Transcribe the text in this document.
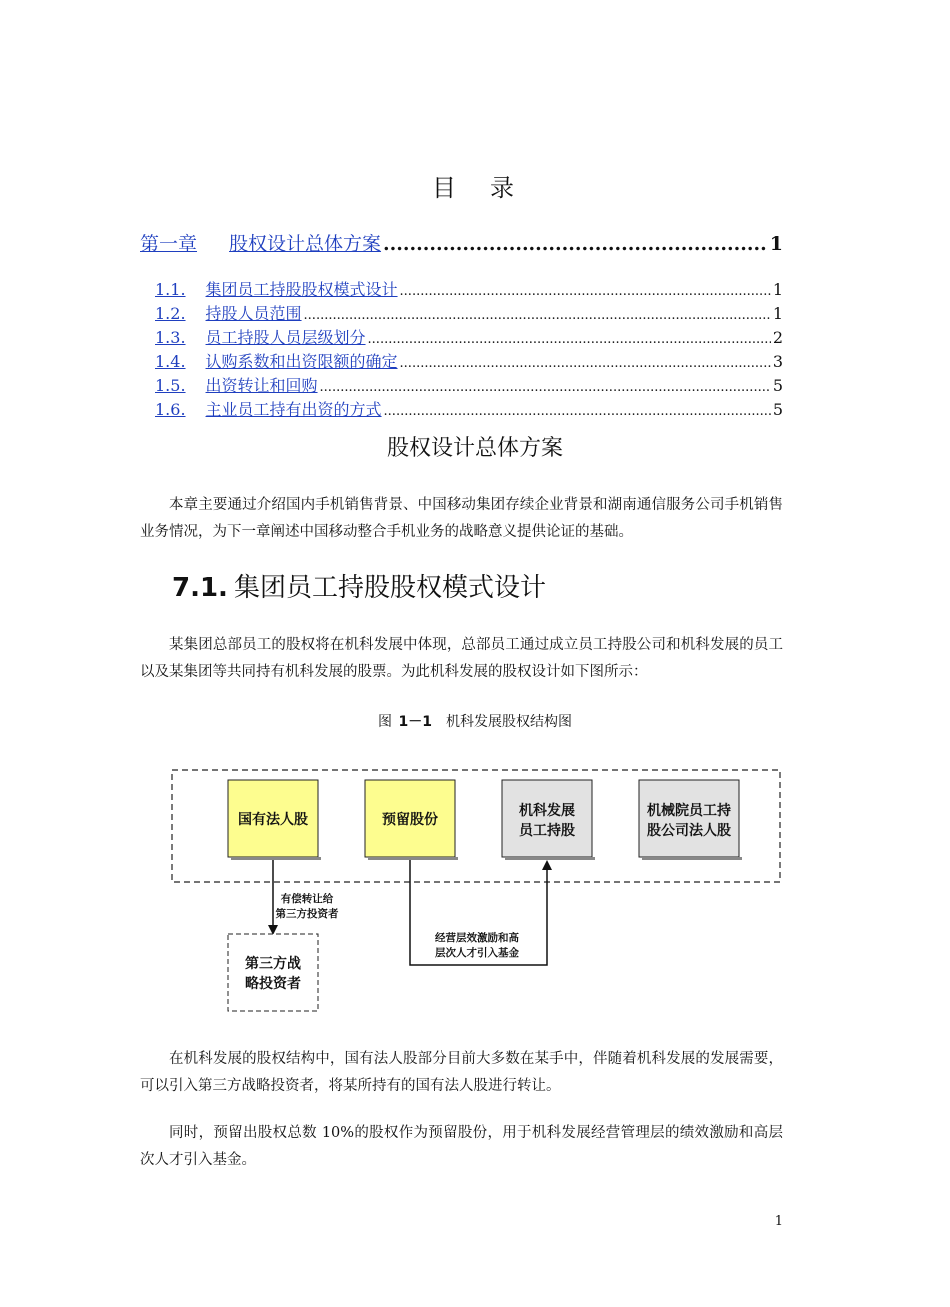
目 录
第一章 股权设计总体方案 .....	1
1.1. 集团员工持股股权模式设计 .....	1
1.2. 持股人员范围 .....	1
1.3. 员工持股人员层级划分 .....	2
1.4. 认购系数和出资限额的确定 .....	3
1.5. 出资转让和回购 .....	5
1.6. 主业员工持有出资的方式 .....	5
股权设计总体方案
本章主要通过介绍国内手机销售背景、中国移动集团存续企业背景和湖南通信服务公司手机销售业务情况，为下一章阐述中国移动整合手机业务的战略意义提供论证的基础。
7.1. 集团员工持股股权模式设计
某集团总部员工的股权将在机科发展中体现，总部员工通过成立员工持股公司和机科发展的员工以及某集团等共同持有机科发展的股票。为此机科发展的股权设计如下图所示：
图 1－1 机科发展股权结构图
国有法人股	预留股份
机科发展
员工持股
机械院员工持
股公司法人股
有偿转让给
第三方投资者
第三方战
略投资者
经营层效激励和高
层次人才引入基金
在机科发展的股权结构中，国有法人股部分目前大多数在某手中，伴随着机科发展的发展需要，可以引入第三方战略投资者，将某所持有的国有法人股进行转让。
同时，预留出股权总数 10%的股权作为预留股份，用于机科发展经营管理层的绩效激励和高层次人才引入基金。
1
